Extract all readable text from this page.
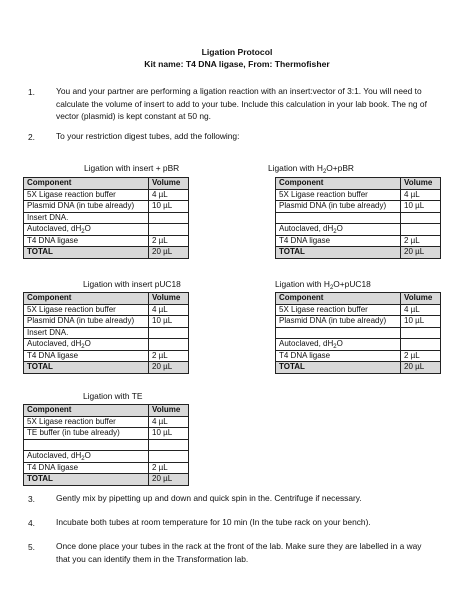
Ligation Protocol
Kit name: T4 DNA ligase, From: Thermofisher
1.	You and your partner are performing a ligation reaction with an insert:vector of 3:1. You will need to
calculate the volume of insert to add to your tube. Include this calculation in your lab book. The ng of
vector (plasmid) is kept constant at 50 ng.
2.	To your restriction digest tubes, add the following:
Ligation with insert + pBR
Component	Volume
5X Ligase reaction buffer	4 µL
Plasmid DNA (in tube already)	10 µL
Insert DNA.	
Autoclaved, $dH_2O$	
T4 DNA ligase	2 µL
TOTAL	20 µL
Ligation with $H_2O+pBR$
Component	Volume
5X Ligase reaction buffer	4 µL
Plasmid DNA (in tube already)	10 µL

Autoclaved, $dH_2O$	
T4 DNA ligase	2 µL
TOTAL	20 µL
Ligation with insert pUC18
Component	Volume
5X Ligase reaction buffer	4 µL
Plasmid DNA (in tube already)	10 µL
Insert DNA.	
Autoclaved, $dH_2O$	
T4 DNA ligase	2 µL
TOTAL	20 µL
Ligation with $H_2O+pUC18$
Component	Volume
5X Ligase reaction buffer	4 µL
Plasmid DNA (in tube already)	10 µL

Autoclaved, $dH_2O$	
T4 DNA ligase	2 µL
TOTAL	20 µL
Ligation with TE
Component	Volume
5X Ligase reaction buffer	4 µL
TE buffer (in tube already)	10 µL

Autoclaved, $dH_2O$	
T4 DNA ligase	2 µL
TOTAL	20 µL
3.	Gently mix by pipetting up and down and quick spin in the. Centrifuge if necessary.
4.	Incubate both tubes at room temperature for 10 min (In the tube rack on your bench).
5.	Once done place your tubes in the rack at the front of the lab. Make sure they are labelled in a way
that you can identify them in the Transformation lab.
